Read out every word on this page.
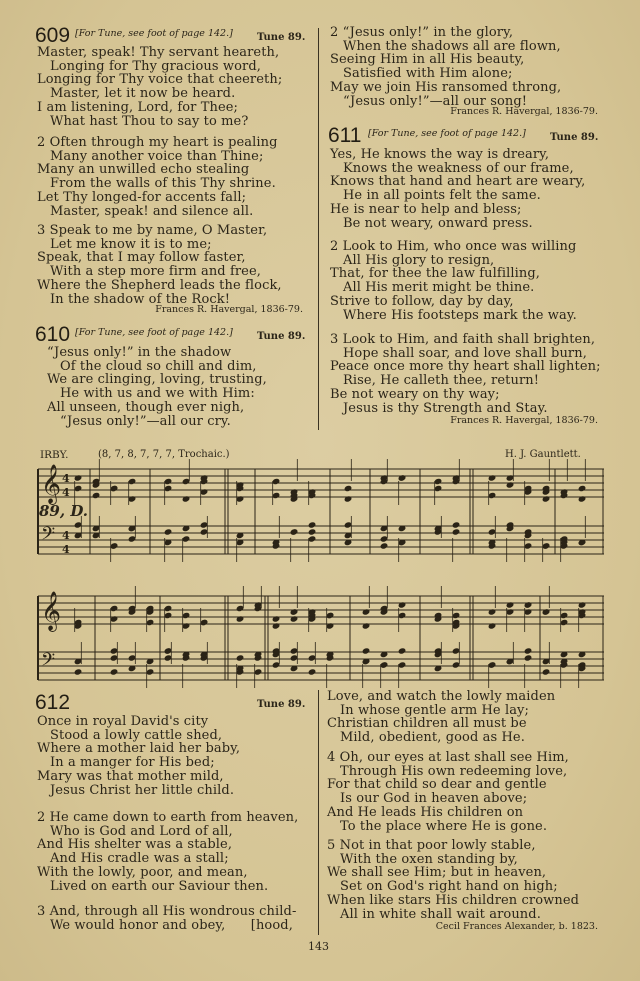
IRBY.	(8, 7, 8, 7, 7, 7, Trochaic.)	H. J. Gauntlett.
89, D.
𝄞 4
4
𝄢 4
4
𝄞
𝄢
609 [For Tune, see foot of page 142.] Tune 89.
Master, speak! Thy servant heareth,
Longing for Thy gracious word,
Longing for Thy voice that cheereth;
Master, let it now be heard.
I am listening, Lord, for Thee;
What hast Thou to say to me?
2 Often through my heart is pealing
Many another voice than Thine;
Many an unwilled echo stealing
From the walls of this Thy shrine.
Let Thy longed-for accents fall;
Master, speak! and silence all.
3 Speak to me by name, O Master,
Let me know it is to me;
Speak, that I may follow faster,
With a step more firm and free,
Where the Shepherd leads the flock,
In the shadow of the Rock!
Frances R. Havergal, 1836-79.
610 [For Tune, see foot of page 142.] Tune 89.
“Jesus only!” in the shadow
Of the cloud so chill and dim,
We are clinging, loving, trusting,
He with us and we with Him:
All unseen, though ever nigh,
“Jesus only!”—all our cry.
2 “Jesus only!” in the glory,
When the shadows all are flown,
Seeing Him in all His beauty,
Satisfied with Him alone;
May we join His ransomed throng,
“Jesus only!”—all our song!
Frances R. Havergal, 1836-79.
611 [For Tune, see foot of page 142.] Tune 89.
Yes, He knows the way is dreary,
Knows the weakness of our frame,
Knows that hand and heart are weary,
He in all points felt the same.
He is near to help and bless;
Be not weary, onward press.
2 Look to Him, who once was willing
All His glory to resign,
That, for thee the law fulfilling,
All His merit might be thine.
Strive to follow, day by day,
Where His footsteps mark the way.
3 Look to Him, and faith shall brighten,
Hope shall soar, and love shall burn,
Peace once more thy heart shall lighten;
Rise, He calleth thee, return!
Be not weary on thy way;
Jesus is thy Strength and Stay.
Frances R. Havergal, 1836-79.
612	Tune 89.
Once in royal David's city
Stood a lowly cattle shed,
Where a mother laid her baby,
In a manger for His bed;
Mary was that mother mild,
Jesus Christ her little child.
2 He came down to earth from heaven,
Who is God and Lord of all,
And His shelter was a stable,
And His cradle was a stall;
With the lowly, poor, and mean,
Lived on earth our Saviour then.
3 And, through all His wondrous child-
We would honor and obey,      [hood,
Love, and watch the lowly maiden
In whose gentle arm He lay;
Christian children all must be
Mild, obedient, good as He.
4 Oh, our eyes at last shall see Him,
Through His own redeeming love,
For that child so dear and gentle
Is our God in heaven above;
And He leads His children on
To the place where He is gone.
5 Not in that poor lowly stable,
With the oxen standing by,
We shall see Him; but in heaven,
Set on God's right hand on high;
When like stars His children crowned
All in white shall wait around.
Cecil Frances Alexander, b. 1823.
143
